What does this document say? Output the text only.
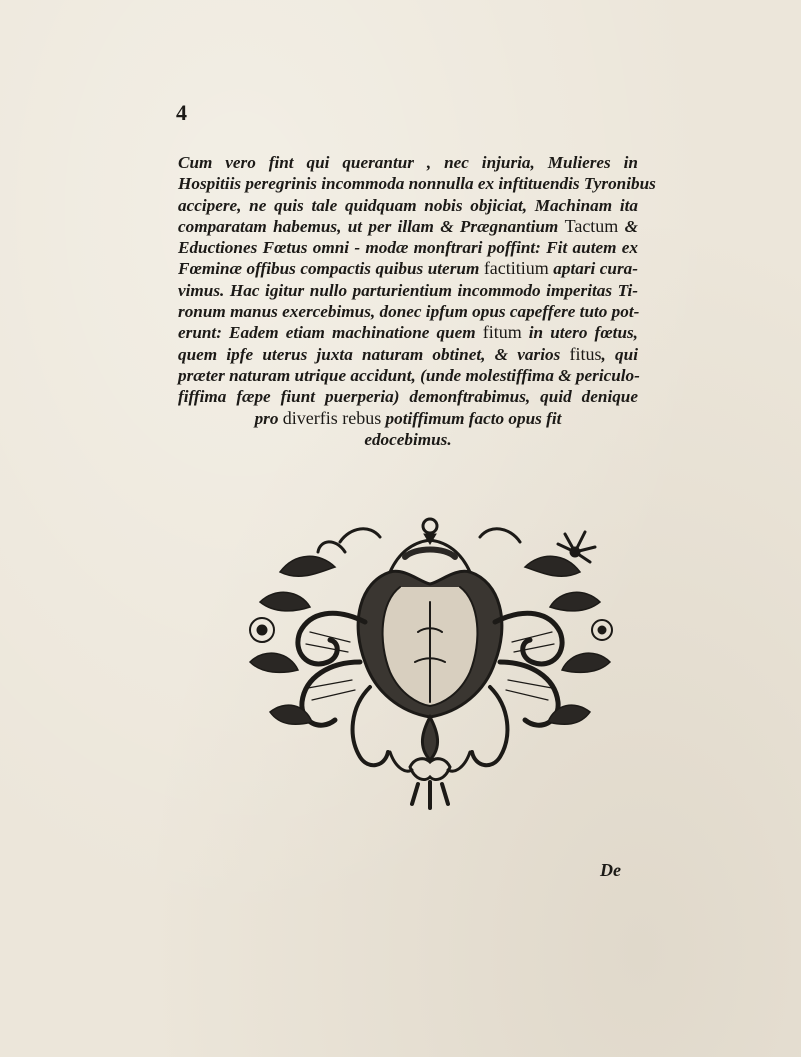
4
Cum vero fint qui querantur , nec injuria, Mulieres in
Hospitiis peregrinis incommoda nonnulla ex inftituendis Tyronibus
accipere, ne quis tale quidquam nobis objiciat, Machinam ita
comparatam habemus, ut per illam & Prægnantium Tactum &
Eductiones Fœtus omni - modæ monftrari poffint: Fit autem ex
Fœminæ offibus compactis quibus uterum factitium aptari cura-
vimus. Hac igitur nullo parturientium incommodo imperitas Ti-
ronum manus exercebimus, donec ipfum opus capeffere tuto pot-
erunt: Eadem etiam machinatione quem fitum in utero fœtus,
quem ipfe uterus juxta naturam obtinet, & varios fitus, qui
præter naturam utrique accidunt, (unde molestiffima & periculo-
fiffima fæpe fiunt puerperia) demonftrabimus, quid denique
pro diverfis rebus potiffimum facto opus fit
edocebimus.
De
